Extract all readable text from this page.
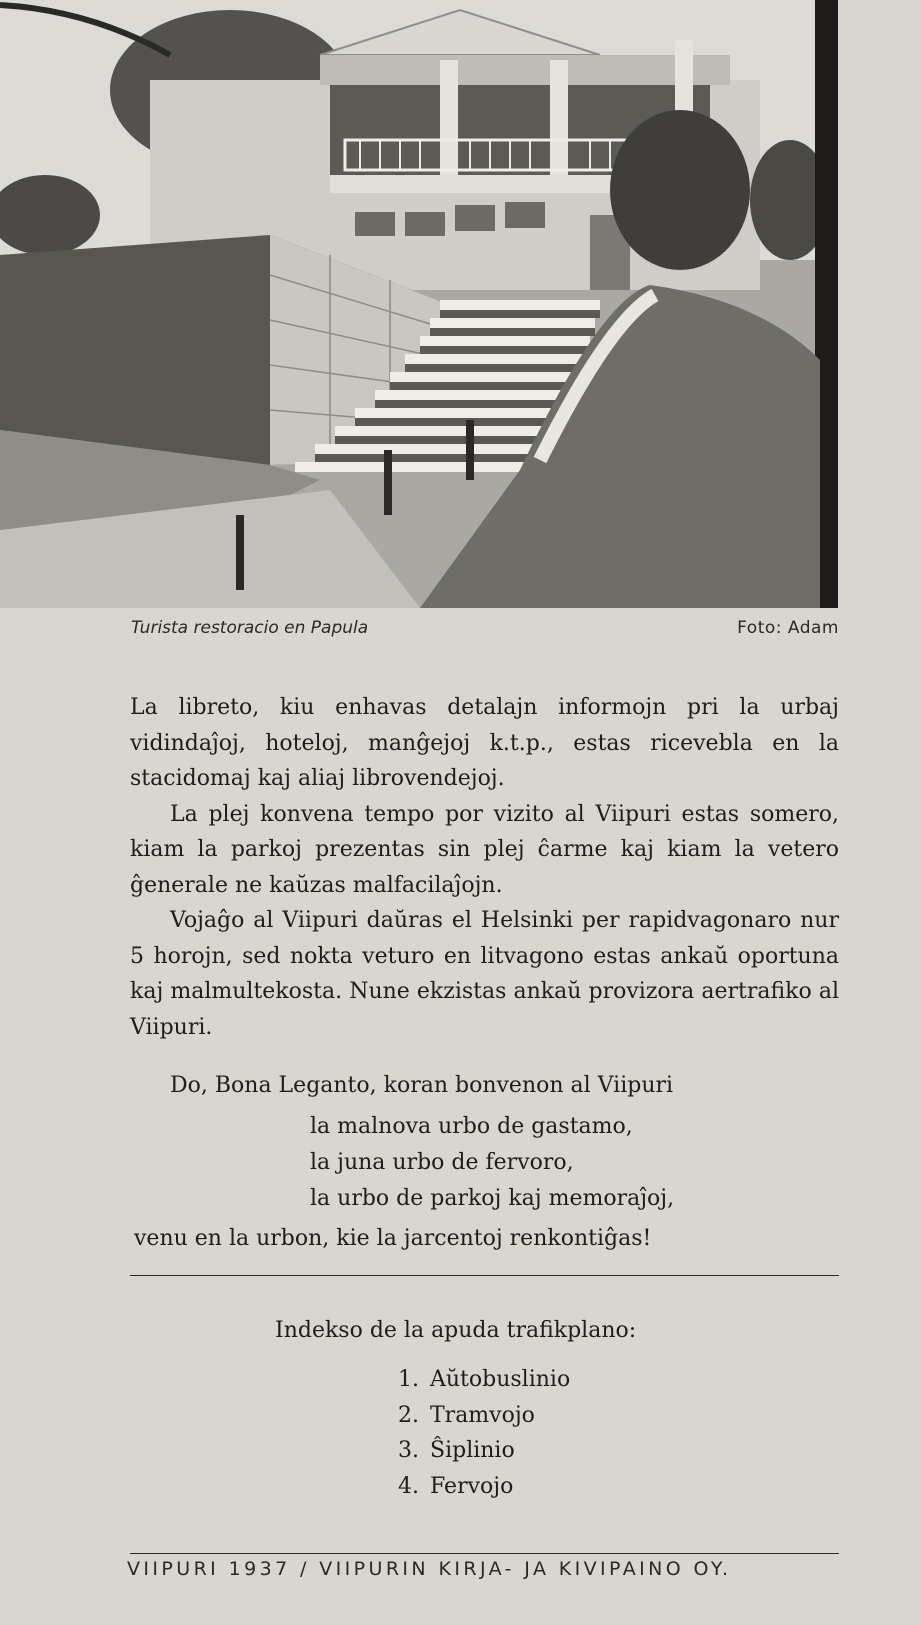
Turista restoracio en Papula	Foto: Adam

La libreto, kiu enhavas detalajn informojn pri la urbaj vidindaĵoj, hoteloj, manĝejoj k.t.p., estas ricevebla en la stacidomaj kaj aliaj librovendejoj.

La plej konvena tempo por vizito al Viipuri estas somero, kiam la parkoj prezentas sin plej ĉarme kaj kiam la vetero ĝenerale ne kaŭzas malfacilaĵojn.

Vojaĝo al Viipuri daŭras el Helsinki per rapidvagonaro nur 5 horojn, sed nokta veturo en litvagono estas ankaŭ oportuna kaj malmultekosta. Nune ekzistas ankaŭ provizora aertrafiko al Viipuri.

Do, Bona Leganto, koran bonvenon al Viipuri
la malnova urbo de gastamo,
la juna urbo de fervoro,
la urbo de parkoj kaj memoraĵoj,
venu en la urbon, kie la jarcentoj renkontiĝas!
Indekso de la apuda trafikplano:
1. Aŭtobuslinio
2. Tramvojo
3. Ŝiplinio
4. Fervojo
VIIPURI 1937 / VIIPURIN KIRJA- JA KIVIPAINO OY.
